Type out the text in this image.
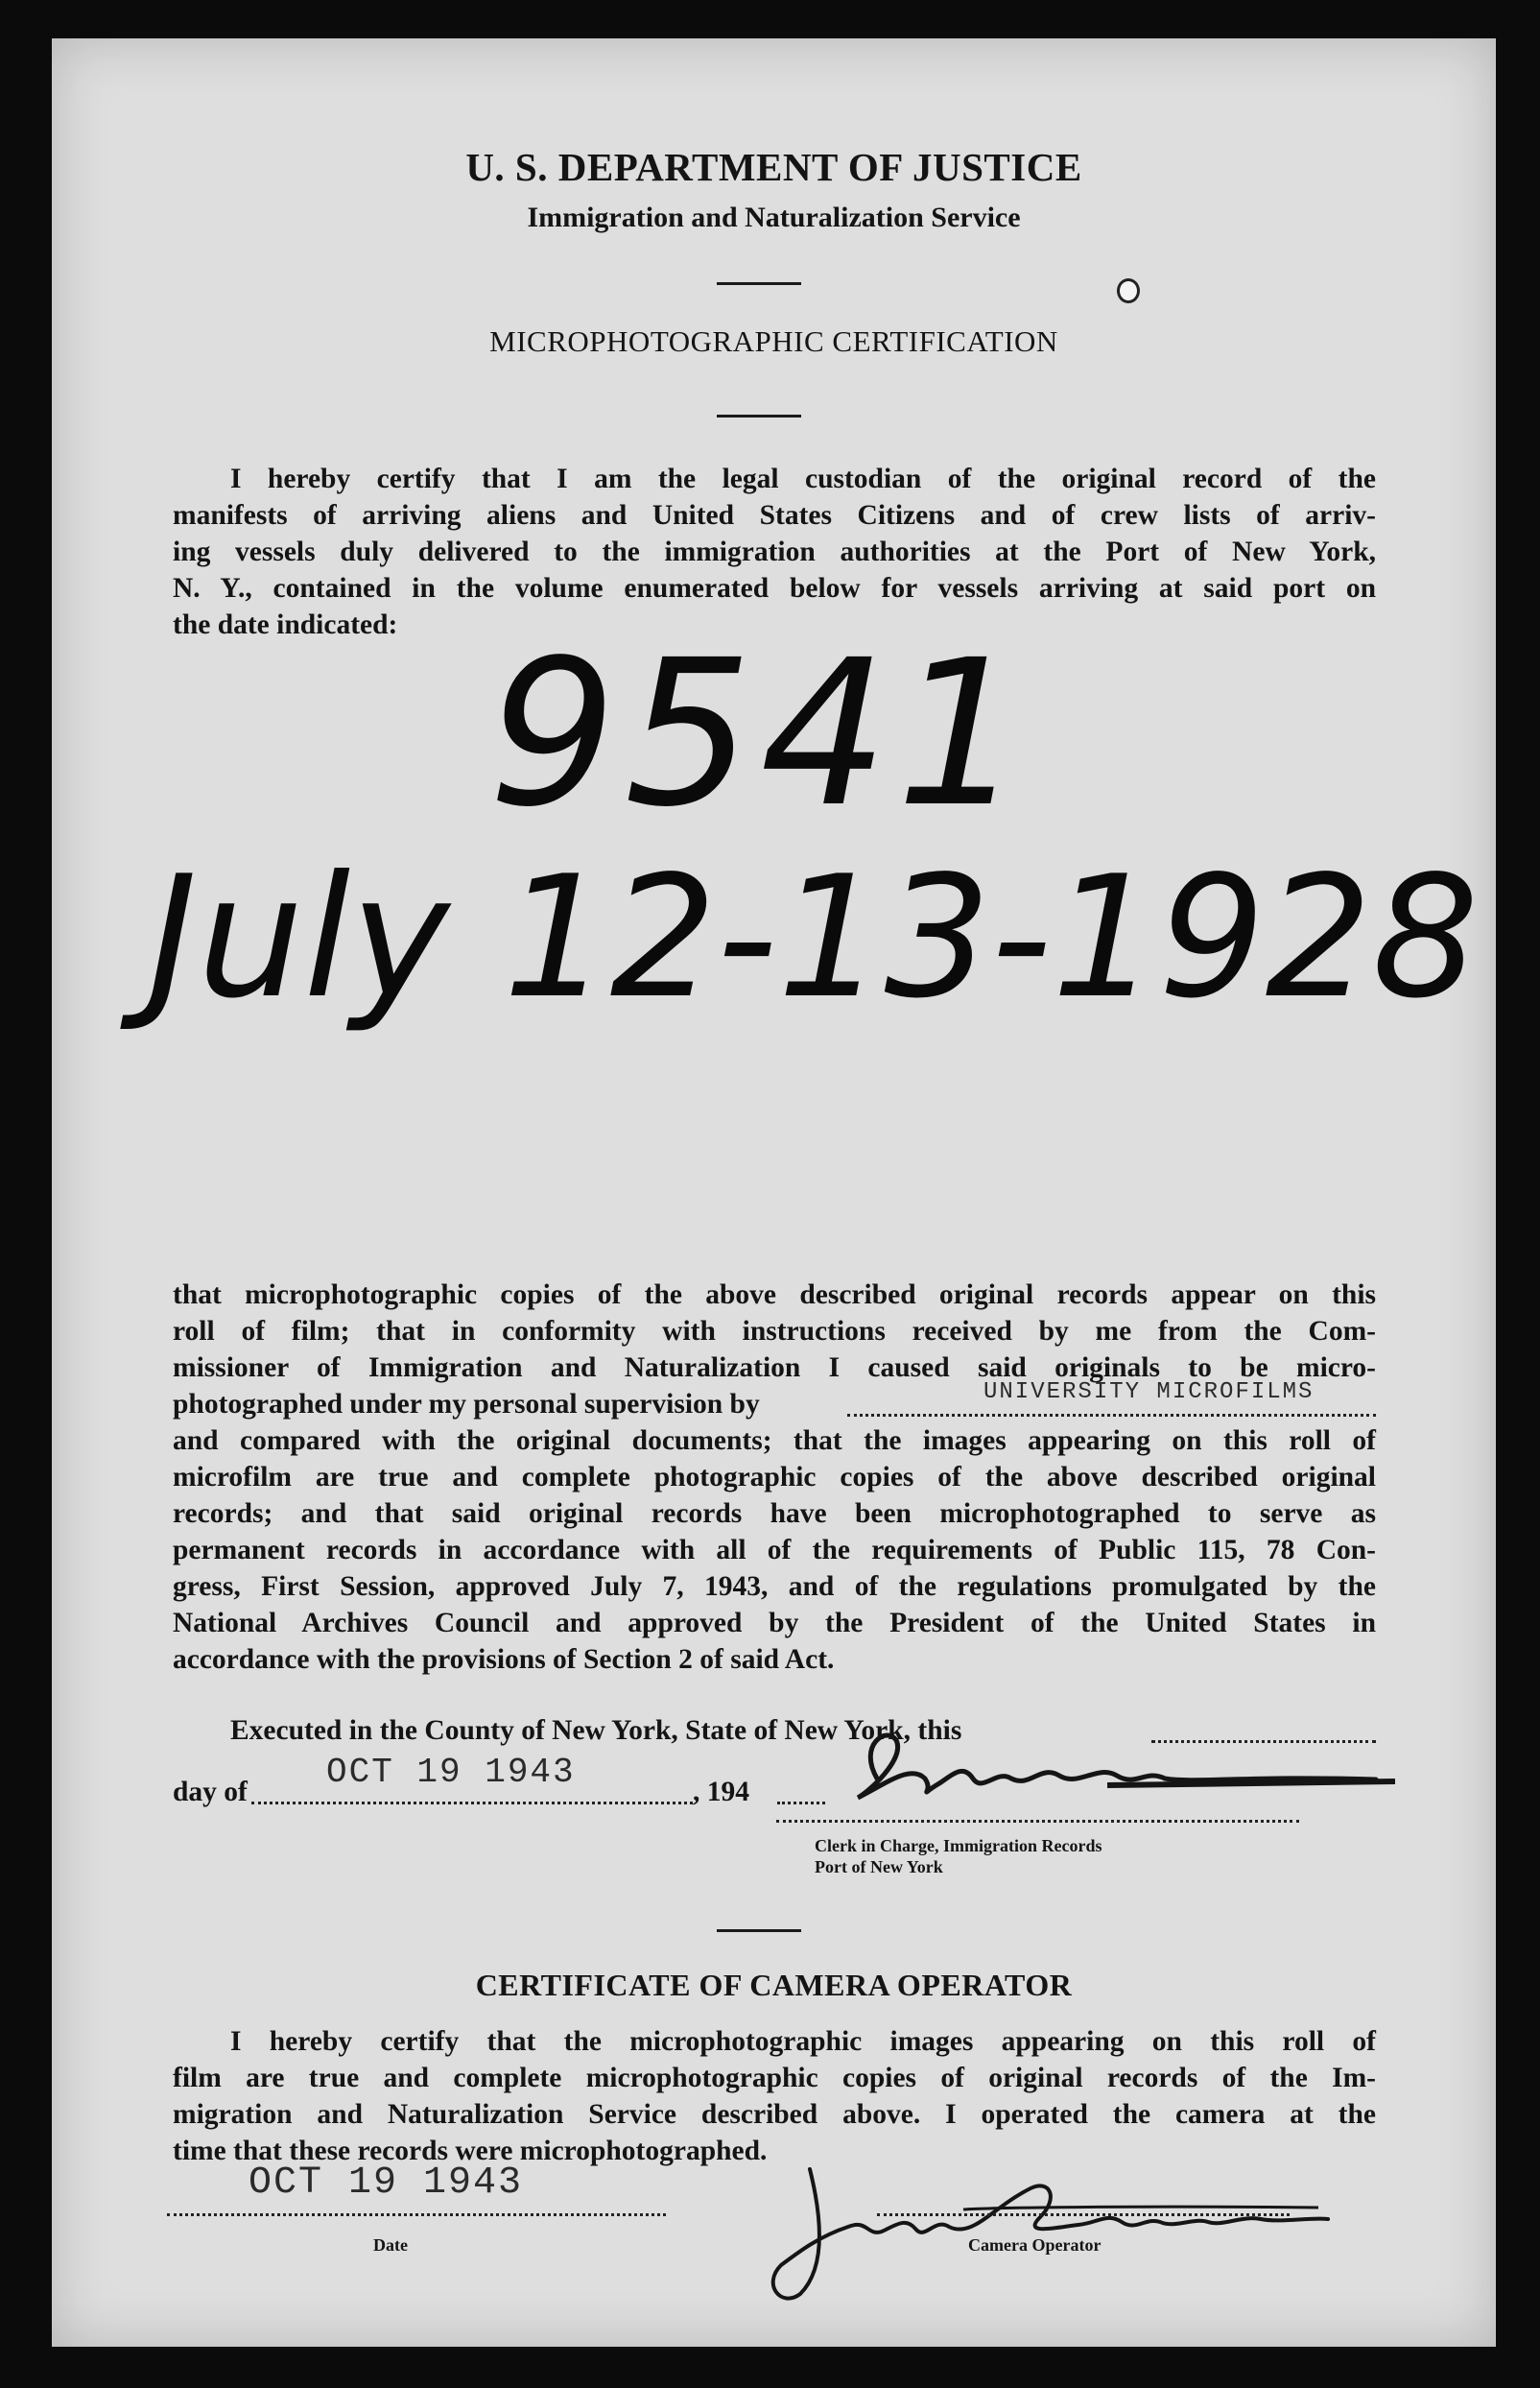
U. S. DEPARTMENT OF JUSTICE
Immigration and Naturalization Service
MICROPHOTOGRAPHIC CERTIFICATION
I hereby certify that I am the legal custodian of the original record of the
manifests of arriving aliens and United States Citizens and of crew lists of arriv-
ing vessels duly delivered to the immigration authorities at the Port of New York,
N. Y., contained in the volume enumerated below for vessels arriving at said port on
the date indicated: 9541
July 12-13-1928
that microphotographic copies of the above described original records appear on this
roll of film; that in conformity with instructions received by me from the Com-
missioner of Immigration and Naturalization I caused said originals to be micro-
photographed under my personal supervision by	UNIVERSITY MICROFILMS
and compared with the original documents; that the images appearing on this roll of
microfilm are true and complete photographic copies of the above described original
records; and that said original records have been microphotographed to serve as
permanent records in accordance with all of the requirements of Public 115, 78 Con-
gress, First Session, approved July 7, 1943, and of the regulations promulgated by the
National Archives Council and approved by the President of the United States in
accordance with the provisions of Section 2 of said Act.
Executed in the County of New York, State of New York, this
day of OCT 19 1943	, 194
Clerk in Charge, Immigration Records
Port of New York
CERTIFICATE OF CAMERA OPERATOR
I hereby certify that the microphotographic images appearing on this roll of
film are true and complete microphotographic copies of original records of the Im-
migration and Naturalization Service described above. I operated the camera at the
time that these records were microphotographed.
OCT 19 1943
Date	Camera Operator
